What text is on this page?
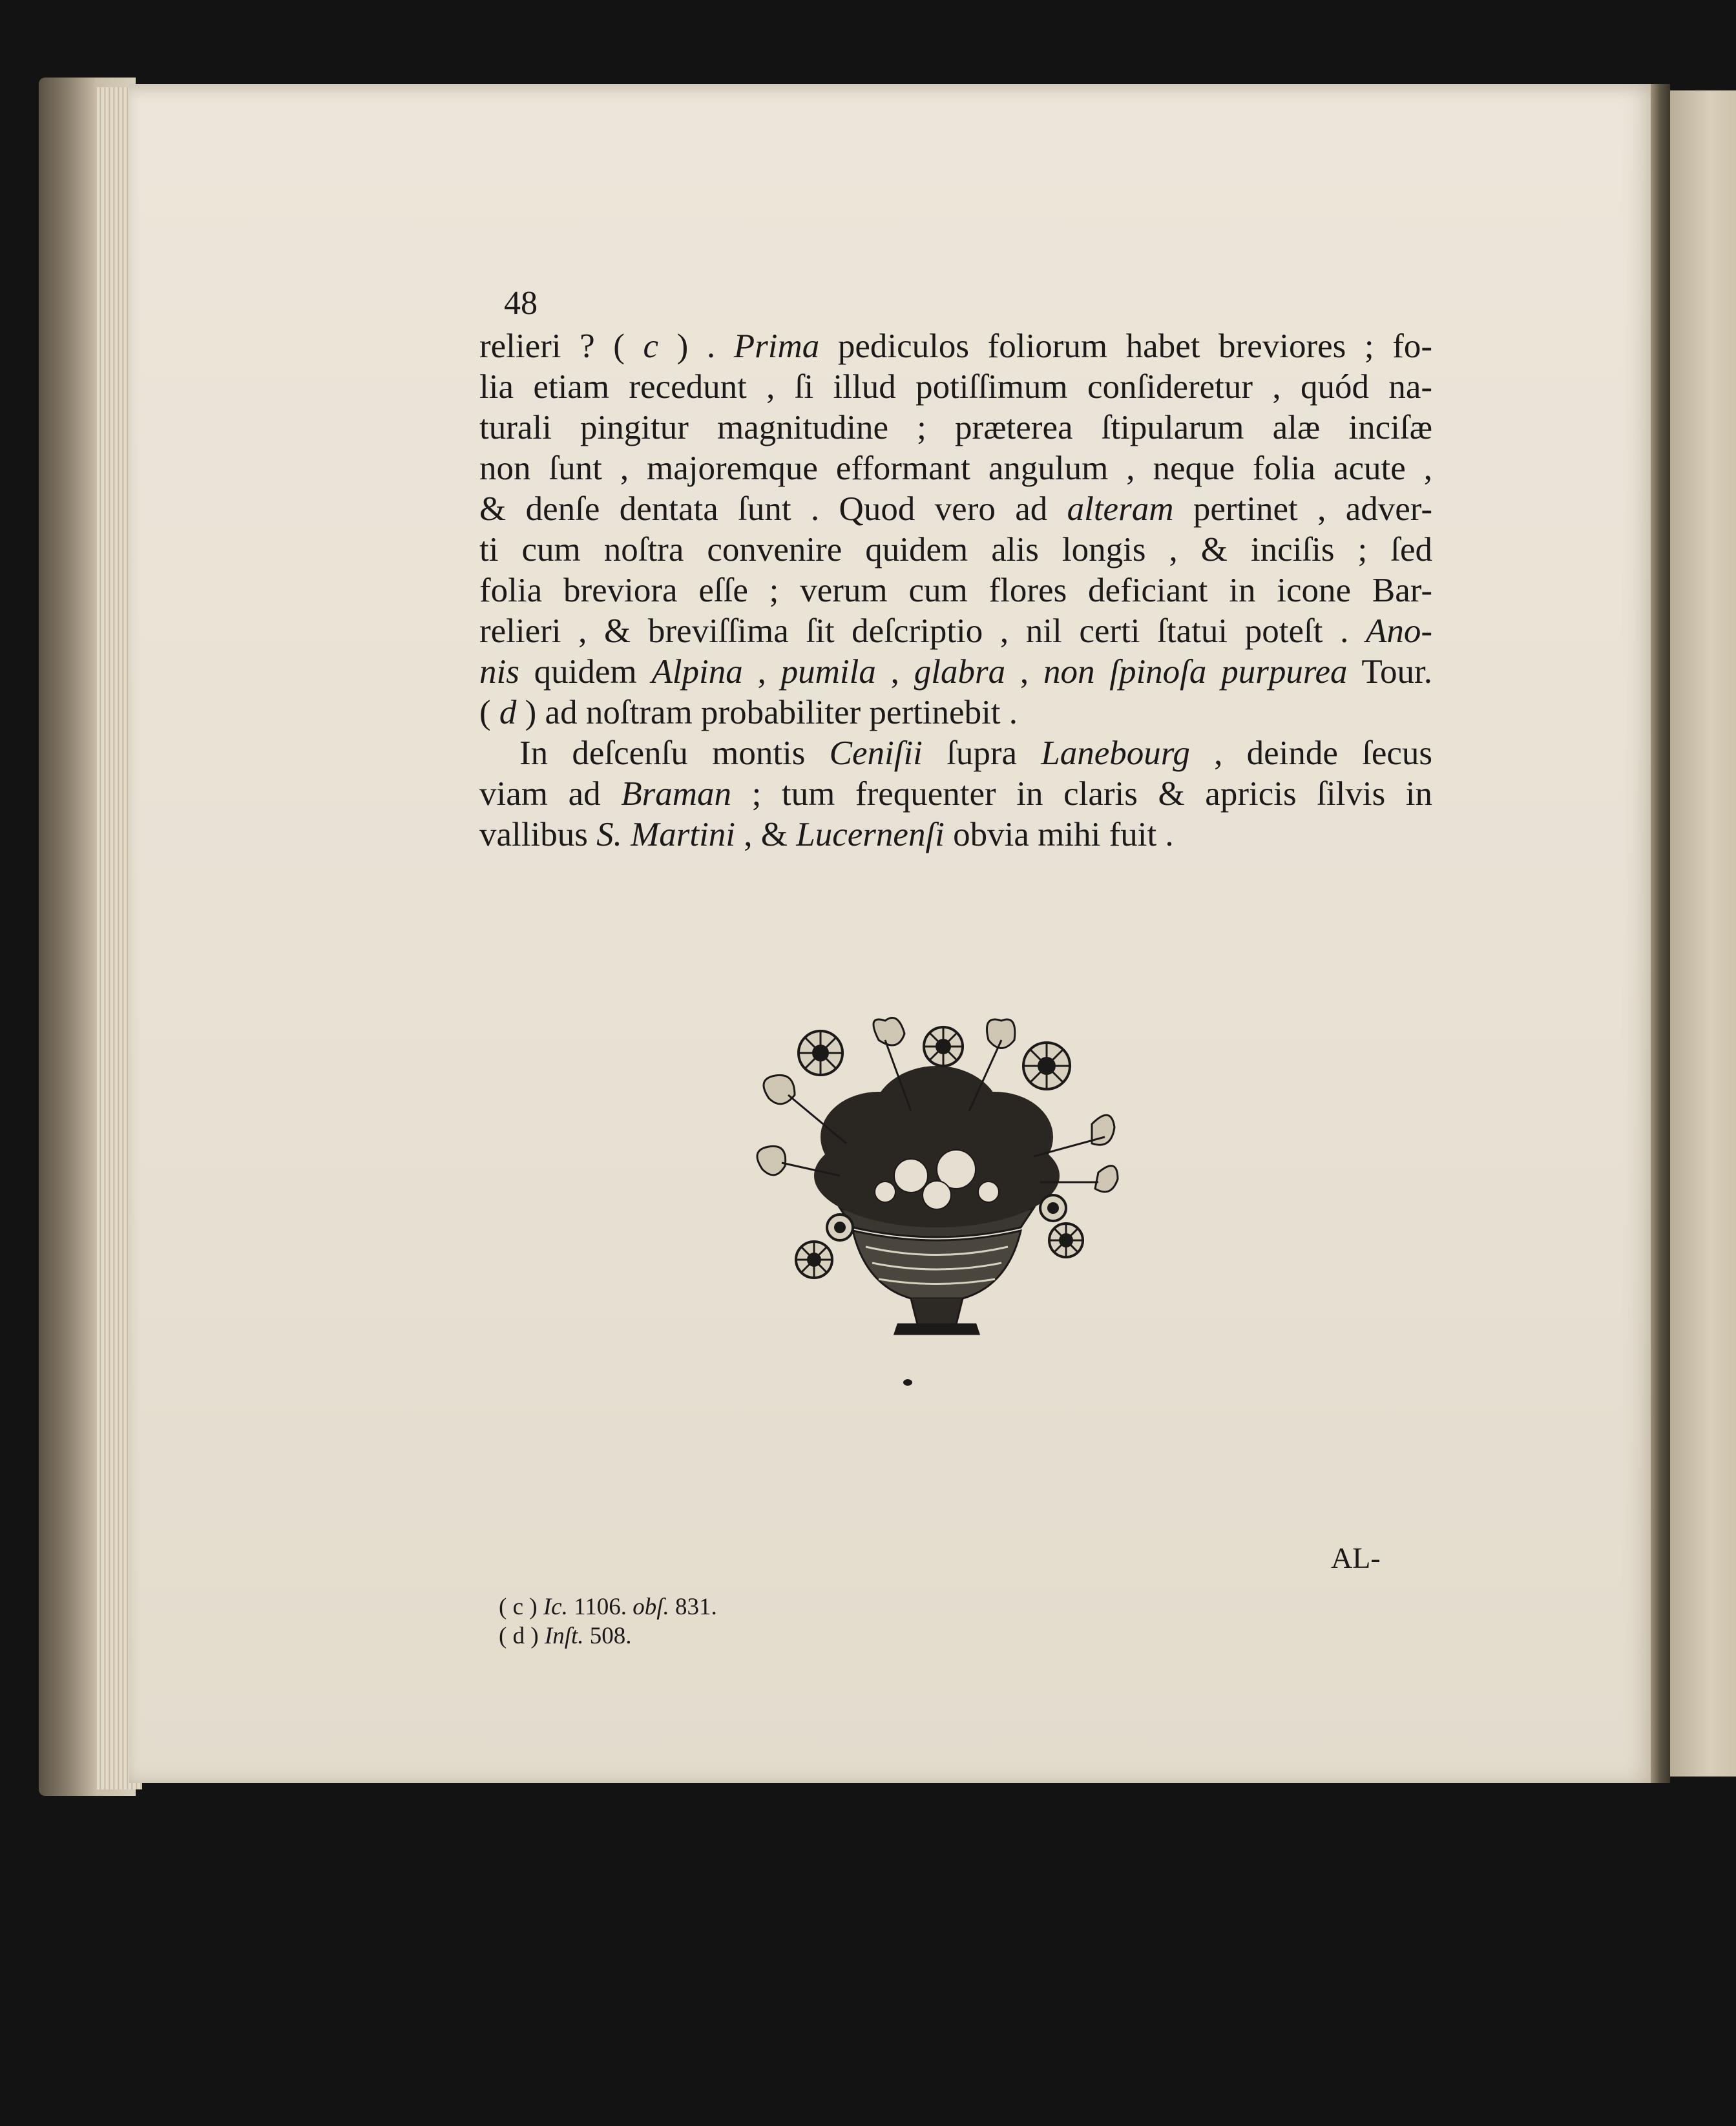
48
relieri ? ( c ) . Prima pediculos foliorum habet breviores ; fo-
lia etiam recedunt , ſi illud potiſſimum conſideretur , quód na-
turali pingitur magnitudine ; præterea ſtipularum alæ inciſæ
non ſunt , majoremque efformant angulum , neque folia acute ,
& denſe dentata ſunt . Quod vero ad alteram pertinet , adver-
ti cum noſtra convenire quidem alis longis , & inciſis ; ſed
folia breviora eſſe ; verum cum flores deficiant in icone Bar-
relieri , & breviſſima ſit deſcriptio , nil certi ſtatui poteſt . Ano-
nis quidem Alpina , pumila , glabra , non ſpinoſa purpurea Tour.
( d ) ad noſtram probabiliter pertinebit .
In deſcenſu montis Ceniſii ſupra Lanebourg , deinde ſecus
viam ad Braman ; tum frequenter in claris & apricis ſilvis in
vallibus S. Martini , & Lucernenſi obvia mihi fuit .
AL-
( c ) Ic. 1106. obſ. 831.
( d ) Inſt. 508.
